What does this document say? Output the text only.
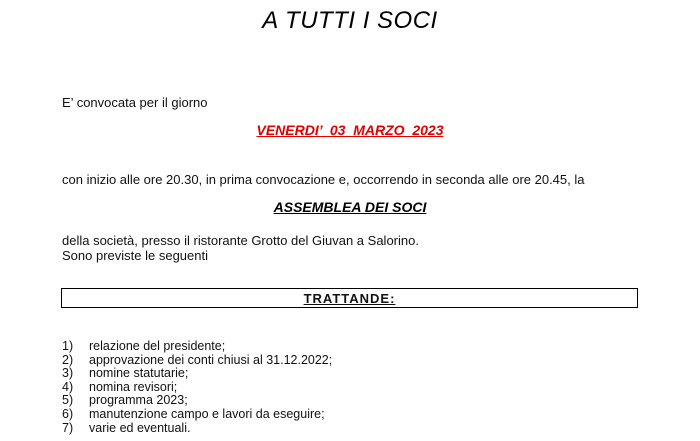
A TUTTI I SOCI
E’ convocata per il giorno
VENERDI’  03  MARZO  2023
con inizio alle ore 20.30, in prima convocazione e, occorrendo in seconda alle ore 20.45, la
ASSEMBLEA DEI SOCI
della società, presso il ristorante Grotto del Giuvan a Salorino.
Sono previste le seguenti
TRATTANDE:
1)	relazione del presidente;
2)	approvazione dei conti chiusi al 31.12.2022;
3)	nomine statutarie;
4)	nomina revisori;
5)	programma 2023;
6)	manutenzione campo e lavori da eseguire;
7)	varie ed eventuali.
